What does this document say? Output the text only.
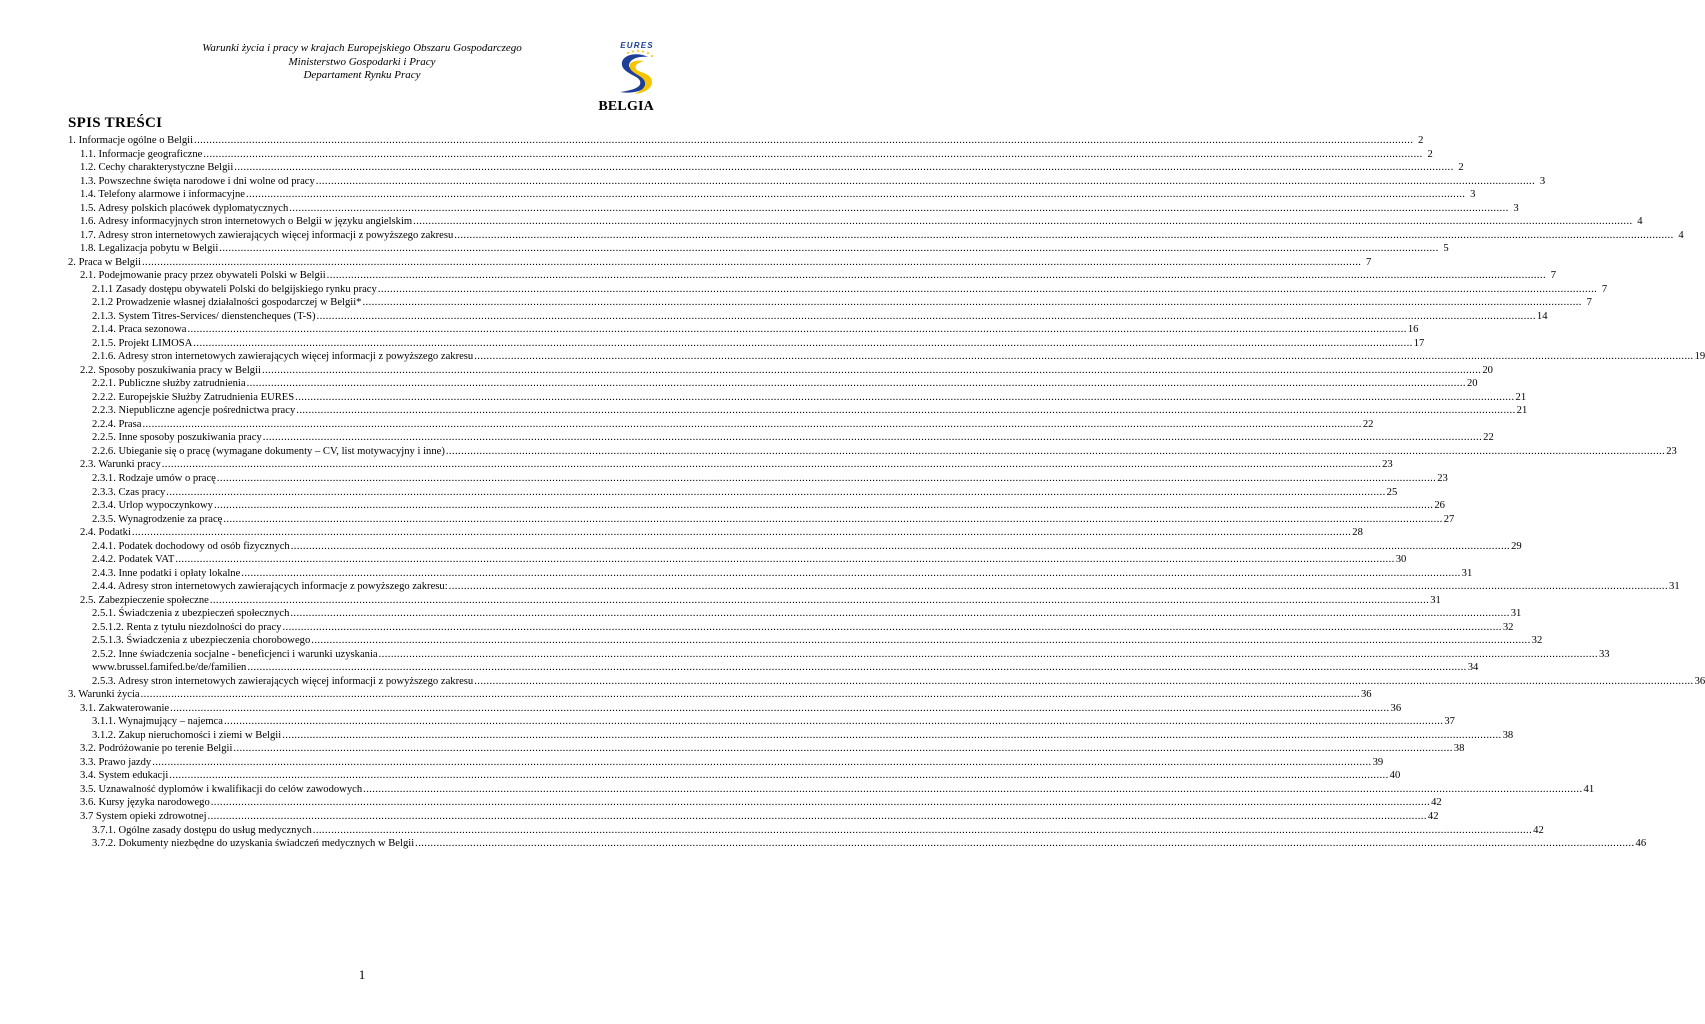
Warunki życia i pracy w krajach Europejskiego Obszaru Gospodarczego
Ministerstwo Gospodarki i Pracy
Departament Rynku Pracy
EURES
BELGIA
SPIS TREŚCI
1. Informacje ogólne o Belgii ................................................................................................................................................................................................................................................................................................................................................................................................................ 2
1.1. Informacje geograficzne ................................................................................................................................................................................................................................................................................................................................................................................................................ 2
1.2. Cechy charakterystyczne Belgii ................................................................................................................................................................................................................................................................................................................................................................................................................ 2
1.3. Powszechne święta narodowe i dni wolne od pracy ................................................................................................................................................................................................................................................................................................................................................................................................................ 3
1.4. Telefony alarmowe i informacyjne ................................................................................................................................................................................................................................................................................................................................................................................................................ 3
1.5. Adresy polskich placówek dyplomatycznych ................................................................................................................................................................................................................................................................................................................................................................................................................ 3
1.6. Adresy informacyjnych stron internetowych o Belgii w języku angielskim ................................................................................................................................................................................................................................................................................................................................................................................................................ 4
1.7. Adresy stron internetowych zawierających więcej informacji z powyższego zakresu ................................................................................................................................................................................................................................................................................................................................................................................................................ 4
1.8. Legalizacja pobytu w Belgii ................................................................................................................................................................................................................................................................................................................................................................................................................ 5
2. Praca w Belgii ................................................................................................................................................................................................................................................................................................................................................................................................................ 7
2.1. Podejmowanie pracy przez obywateli Polski w Belgii ................................................................................................................................................................................................................................................................................................................................................................................................................ 7
2.1.1 Zasady dostępu obywateli Polski do belgijskiego rynku pracy ................................................................................................................................................................................................................................................................................................................................................................................................................ 7
2.1.2 Prowadzenie własnej działalności gospodarczej w Belgii* ................................................................................................................................................................................................................................................................................................................................................................................................................ 7
2.1.3. System Titres-Services/ dienstencheques (T-S) ................................................................................................................................................................................................................................................................................................................................................................................................................ 14
2.1.4. Praca sezonowa ................................................................................................................................................................................................................................................................................................................................................................................................................ 16
2.1.5. Projekt LIMOSA ................................................................................................................................................................................................................................................................................................................................................................................................................ 17
2.1.6. Adresy stron internetowych zawierających więcej informacji z powyższego zakresu ................................................................................................................................................................................................................................................................................................................................................................................................................ 19
2.2. Sposoby poszukiwania pracy w Belgii ................................................................................................................................................................................................................................................................................................................................................................................................................ 20
2.2.1. Publiczne służby zatrudnienia ................................................................................................................................................................................................................................................................................................................................................................................................................ 20
2.2.2. Europejskie Służby Zatrudnienia EURES ................................................................................................................................................................................................................................................................................................................................................................................................................ 21
2.2.3. Niepubliczne agencje pośrednictwa pracy ................................................................................................................................................................................................................................................................................................................................................................................................................ 21
2.2.4. Prasa ................................................................................................................................................................................................................................................................................................................................................................................................................ 22
2.2.5. Inne sposoby poszukiwania pracy ................................................................................................................................................................................................................................................................................................................................................................................................................ 22
2.2.6. Ubieganie się o pracę (wymagane dokumenty – CV, list motywacyjny i inne) ................................................................................................................................................................................................................................................................................................................................................................................................................ 23
2.3. Warunki pracy ................................................................................................................................................................................................................................................................................................................................................................................................................ 23
2.3.1. Rodzaje umów o pracę ................................................................................................................................................................................................................................................................................................................................................................................................................ 23
2.3.3. Czas pracy ................................................................................................................................................................................................................................................................................................................................................................................................................ 25
2.3.4. Urlop wypoczynkowy ................................................................................................................................................................................................................................................................................................................................................................................................................ 26
2.3.5. Wynagrodzenie za pracę ................................................................................................................................................................................................................................................................................................................................................................................................................ 27
2.4. Podatki ................................................................................................................................................................................................................................................................................................................................................................................................................ 28
2.4.1. Podatek dochodowy od osób fizycznych ................................................................................................................................................................................................................................................................................................................................................................................................................ 29
2.4.2. Podatek VAT ................................................................................................................................................................................................................................................................................................................................................................................................................ 30
2.4.3. Inne podatki i opłaty lokalne ................................................................................................................................................................................................................................................................................................................................................................................................................ 31
2.4.4. Adresy stron internetowych zawierających informacje z powyższego zakresu: ................................................................................................................................................................................................................................................................................................................................................................................................................ 31
2.5. Zabezpieczenie społeczne ................................................................................................................................................................................................................................................................................................................................................................................................................ 31
2.5.1. Świadczenia z ubezpieczeń społecznych ................................................................................................................................................................................................................................................................................................................................................................................................................ 31
2.5.1.2. Renta z tytułu niezdolności do pracy ................................................................................................................................................................................................................................................................................................................................................................................................................ 32
2.5.1.3. Świadczenia z ubezpieczenia chorobowego ................................................................................................................................................................................................................................................................................................................................................................................................................ 32
2.5.2. Inne świadczenia socjalne - beneficjenci i warunki uzyskania ................................................................................................................................................................................................................................................................................................................................................................................................................ 33
www.brussel.famifed.be/de/familien ................................................................................................................................................................................................................................................................................................................................................................................................................ 34
2.5.3. Adresy stron internetowych zawierających więcej informacji z powyższego zakresu ................................................................................................................................................................................................................................................................................................................................................................................................................ 36
3. Warunki życia ................................................................................................................................................................................................................................................................................................................................................................................................................ 36
3.1. Zakwaterowanie ................................................................................................................................................................................................................................................................................................................................................................................................................ 36
3.1.1. Wynajmujący – najemca ................................................................................................................................................................................................................................................................................................................................................................................................................ 37
3.1.2. Zakup nieruchomości i ziemi w Belgii ................................................................................................................................................................................................................................................................................................................................................................................................................ 38
3.2. Podróżowanie po terenie Belgii ................................................................................................................................................................................................................................................................................................................................................................................................................ 38
3.3. Prawo jazdy ................................................................................................................................................................................................................................................................................................................................................................................................................ 39
3.4. System edukacji ................................................................................................................................................................................................................................................................................................................................................................................................................ 40
3.5. Uznawalność dyplomów i kwalifikacji do celów zawodowych ................................................................................................................................................................................................................................................................................................................................................................................................................ 41
3.6. Kursy języka narodowego ................................................................................................................................................................................................................................................................................................................................................................................................................ 42
3.7 System opieki zdrowotnej ................................................................................................................................................................................................................................................................................................................................................................................................................ 42
3.7.1. Ogólne zasady dostępu do usług medycznych ................................................................................................................................................................................................................................................................................................................................................................................................................ 42
3.7.2. Dokumenty niezbędne do uzyskania świadczeń medycznych w Belgii ................................................................................................................................................................................................................................................................................................................................................................................................................ 46
1
